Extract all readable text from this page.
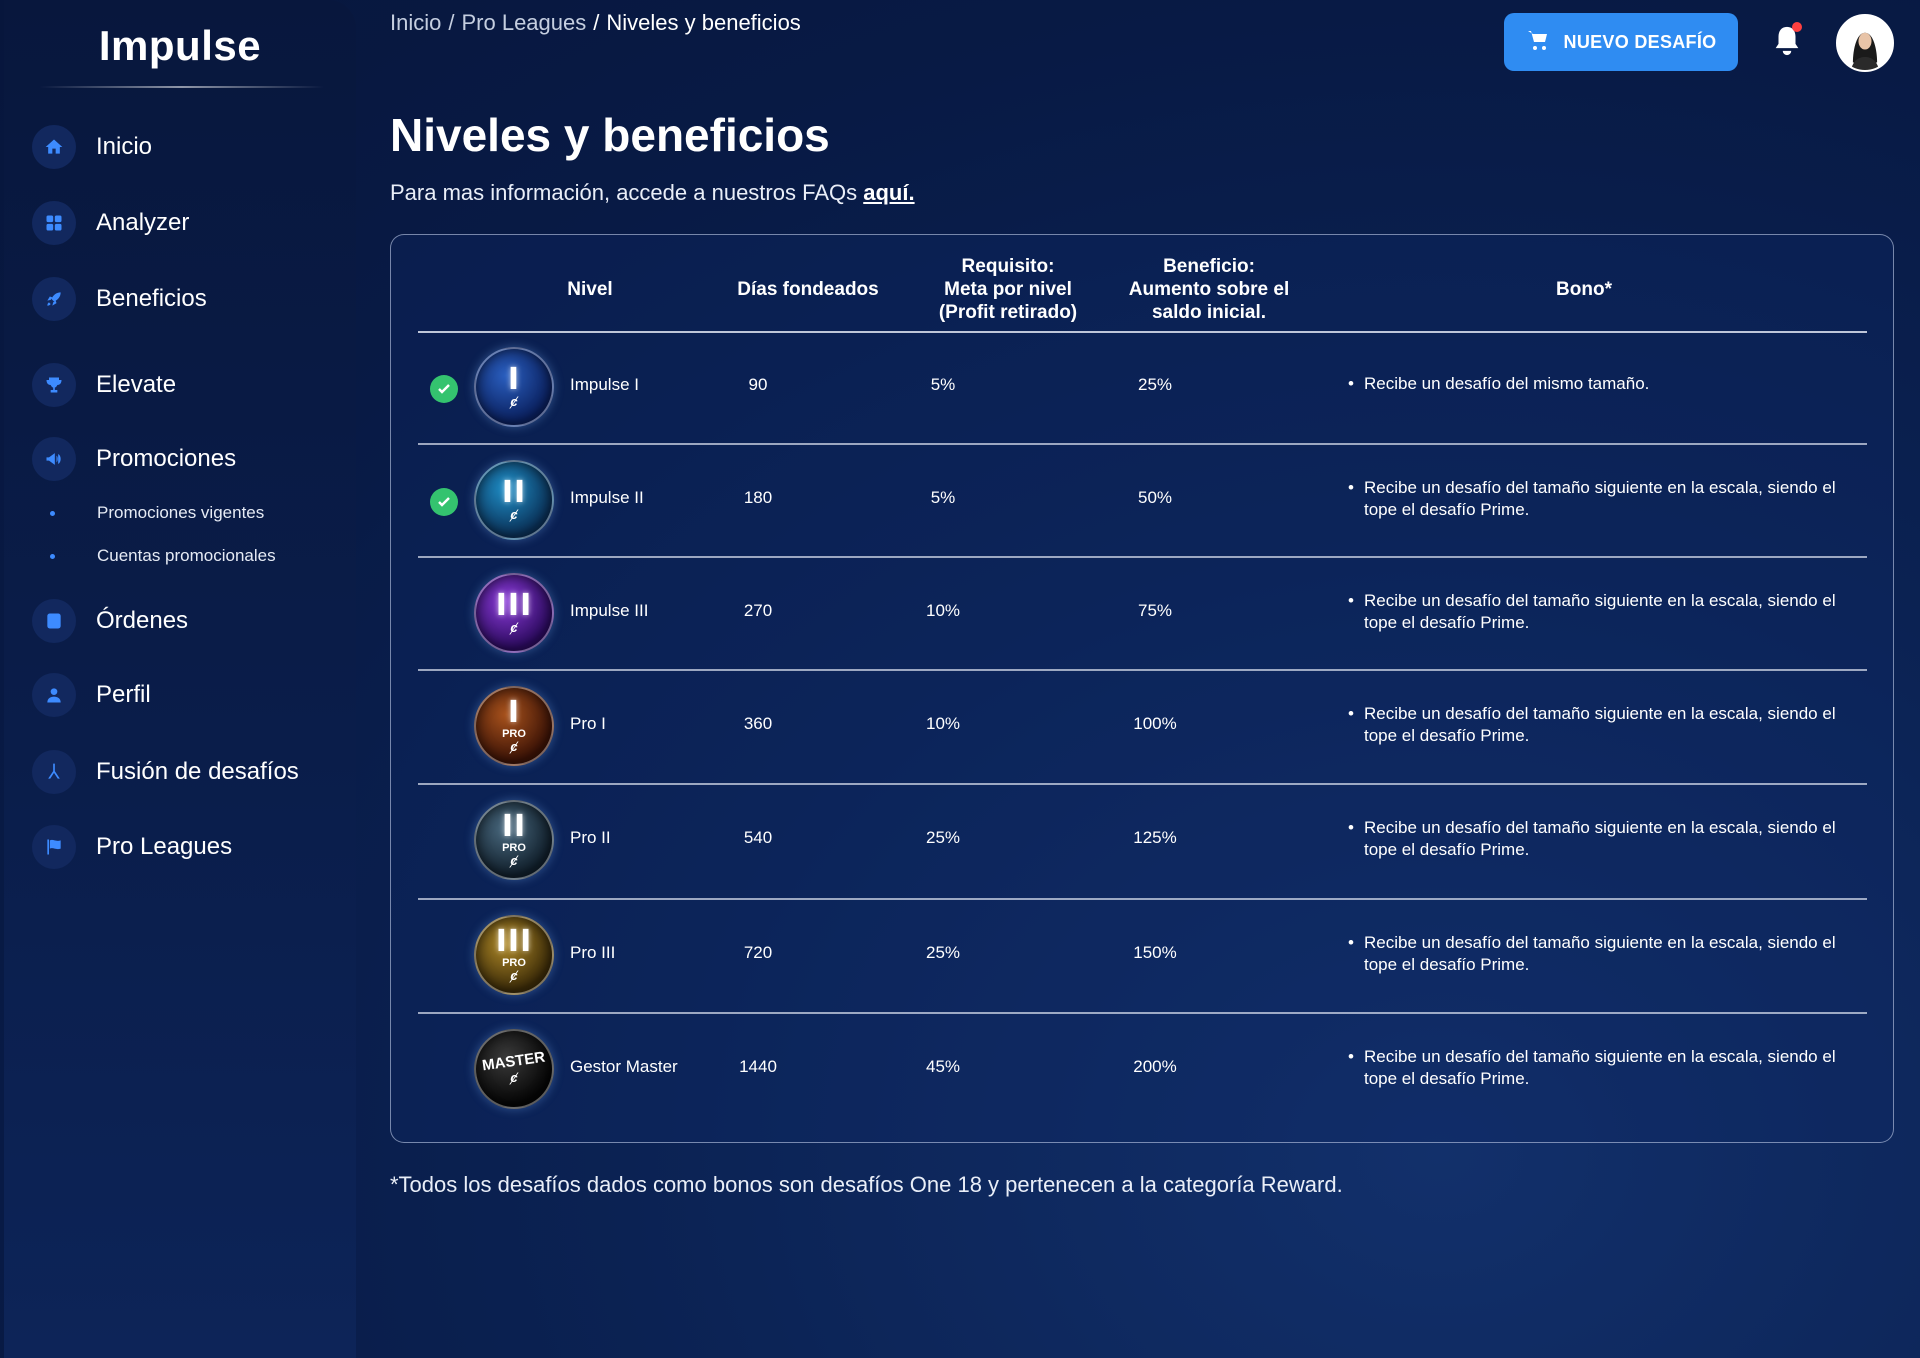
Impulse
Inicio
Analyzer
Beneficios
Elevate
Promociones
Promociones vigentes
Cuentas promocionales
Órdenes
Perfil
Fusión de desafíos
Pro Leagues
Inicio / Pro Leagues / Niveles y beneficios
NUEVO DESAFÍO
Niveles y beneficios

Para mas información, accede a nuestros FAQs aquí.

Nivel	Días fondeados
Requisito:
Meta por nivel
(Profit retirado)
Beneficio:
Aumento sobre el
saldo inicial.
Bono*
I
ȼ
Impulse I	90	5%	25%
•	Recibe un desafío del mismo tamaño.
II
ȼ
Impulse II	180	5%	50%
• Recibe un desafío del tamaño siguiente en la escala, siendo el tope el desafío Prime.
III
ȼ
Impulse III	270	10%	75%
• Recibe un desafío del tamaño siguiente en la escala, siendo el tope el desafío Prime.
I
PRO
ȼ
Pro I	360	10%	100%
• Recibe un desafío del tamaño siguiente en la escala, siendo el tope el desafío Prime.
II
PRO
ȼ
Pro II	540	25%	125%
• Recibe un desafío del tamaño siguiente en la escala, siendo el tope el desafío Prime.
III
PRO
ȼ
Pro III	720	25%	150%
• Recibe un desafío del tamaño siguiente en la escala, siendo el tope el desafío Prime.
MASTER
ȼ
Gestor Master	1440	45%	200%
• Recibe un desafío del tamaño siguiente en la escala, siendo el tope el desafío Prime.

*Todos los desafíos dados como bonos son desafíos One 18 y pertenecen a la categoría Reward.
